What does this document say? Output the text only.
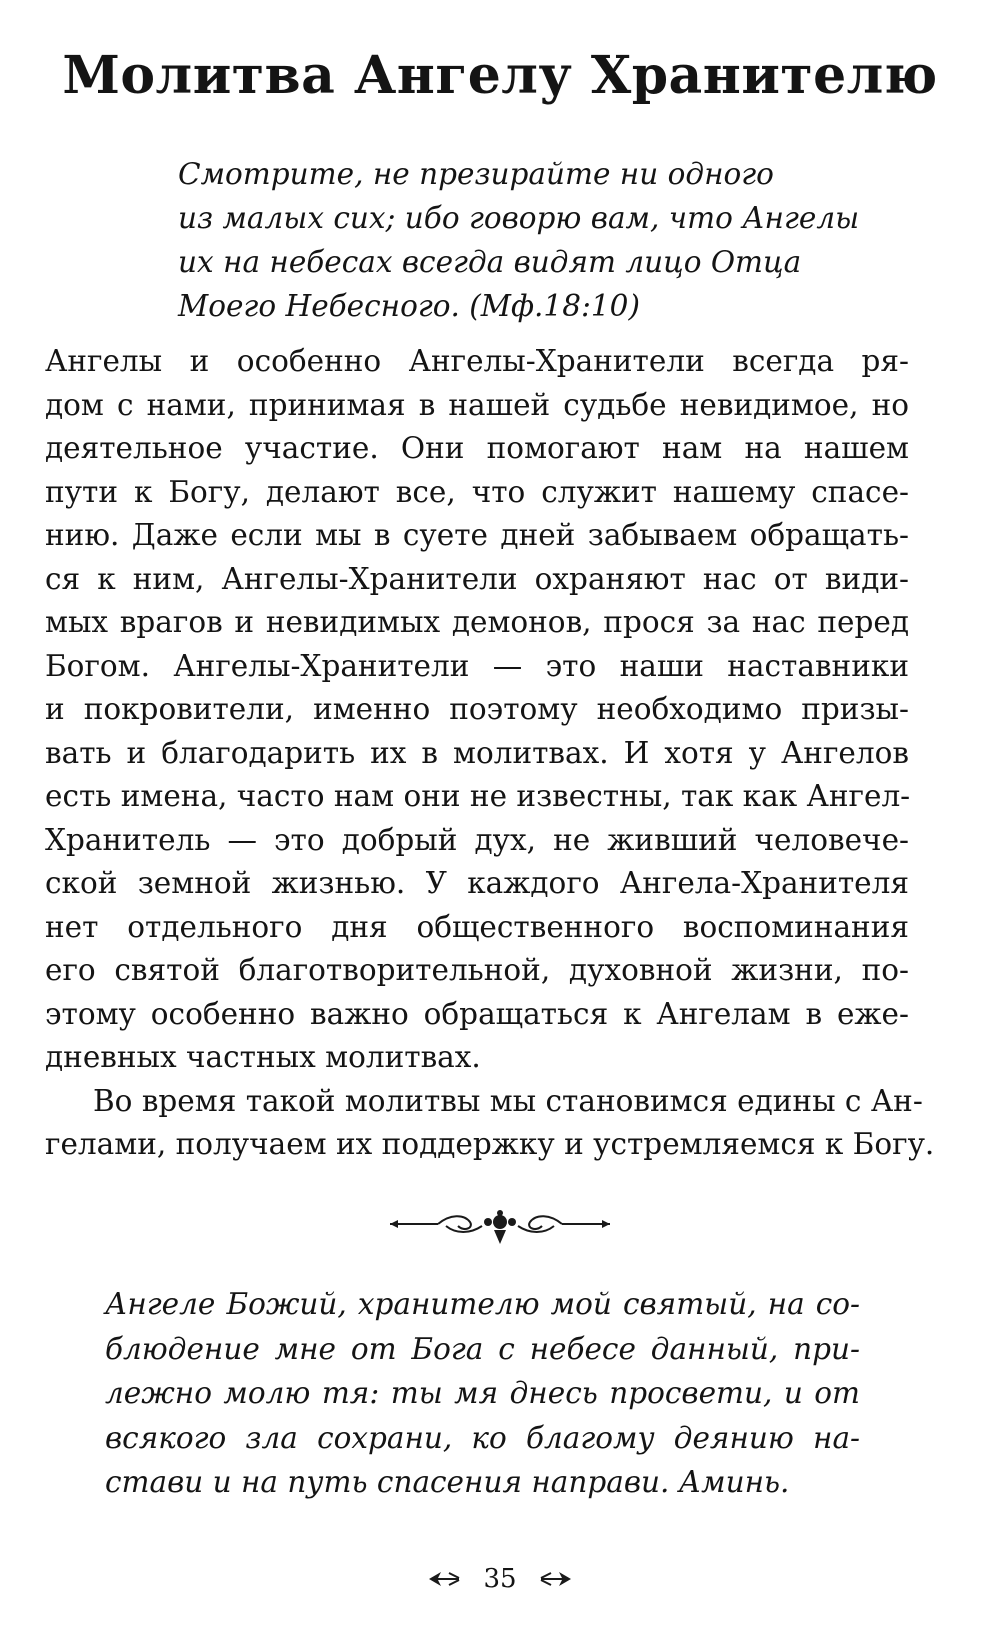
Молитва Ангелу Хранителю
Смотрите, не презирайте ни одного
из малых сих; ибо говорю вам, что Ангелы
их на небесах всегда видят лицо Отца
Моего Небесного. (Мф.18:10)
Ангелы и особенно Ангелы-Хранители всегда ря-
дом с нами, принимая в нашей судьбе невидимое, но
деятельное участие. Они помогают нам на нашем
пути к Богу, делают все, что служит нашему спасе-
нию. Даже если мы в суете дней забываем обращать-
ся к ним, Ангелы-Хранители охраняют нас от види-
мых врагов и невидимых демонов, прося за нас перед
Богом. Ангелы-Хранители — это наши наставники
и покровители, именно поэтому необходимо призы-
вать и благодарить их в молитвах. И хотя у Ангелов
есть имена, часто нам они не известны, так как Ангел-
Хранитель — это добрый дух, не живший человече-
ской земной жизнью. У каждого Ангела-Хранителя
нет отдельного дня общественного воспоминания
его святой благотворительной, духовной жизни, по-
этому особенно важно обращаться к Ангелам в еже-
дневных частных молитвах.
Во время такой молитвы мы становимся едины с Ан-
гелами, получаем их поддержку и устремляемся к Богу.
Ангеле Божий, хранителю мой святый, на со-
блюдение мне от Бога с небесе данный, при-
лежно молю тя: ты мя днесь просвети, и от
всякого зла сохрани, ко благому деянию на-
стави и на путь спасения направи. Аминь.
35
